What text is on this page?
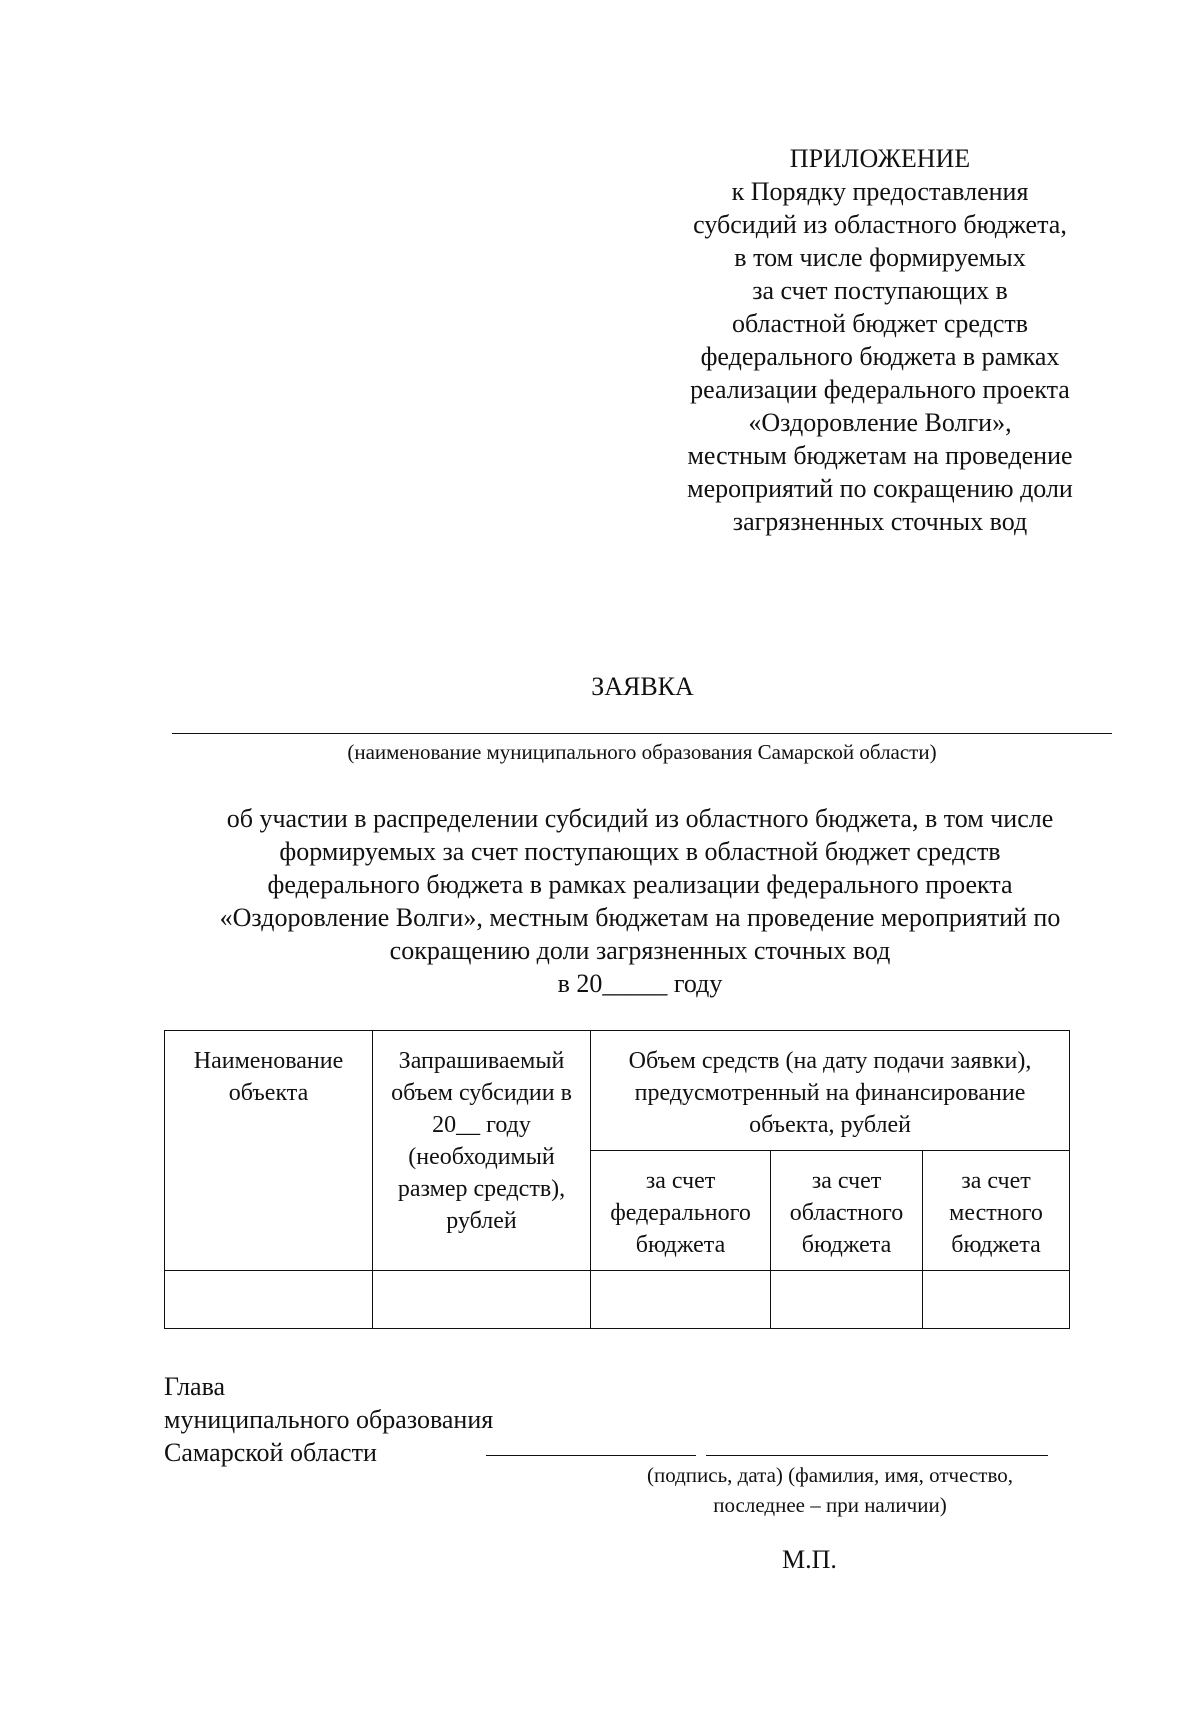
ПРИЛОЖЕНИЕ
к Порядку предоставления
субсидий из областного бюджета,
в том числе формируемых
за счет поступающих в
областной бюджет средств
федерального бюджета в рамках
реализации федерального проекта
«Оздоровление Волги»,
местным бюджетам на проведение
мероприятий по сокращению доли
загрязненных сточных вод
ЗАЯВКА
(наименование муниципального образования Самарской области)
об участии в распределении субсидий из областного бюджета, в том числе
формируемых за счет поступающих в областной бюджет средств
федерального бюджета в рамках реализации федерального проекта
«Оздоровление Волги», местным бюджетам на проведение мероприятий по
сокращению доли загрязненных сточных вод
в 20_____ году
Наименование объекта	Запрашиваемый объем субсидии в 20__ году (необходимый размер средств), рублей	Объем средств (на дату подачи заявки), предусмотренный на финансирование объекта, рублей		
		за счет федерального бюджета	за счет областного бюджета	за счет местного бюджета

Глава
муниципального образования
Самарской области
(подпись, дата) (фамилия, имя, отчество,
последнее – при наличии)
М.П.
